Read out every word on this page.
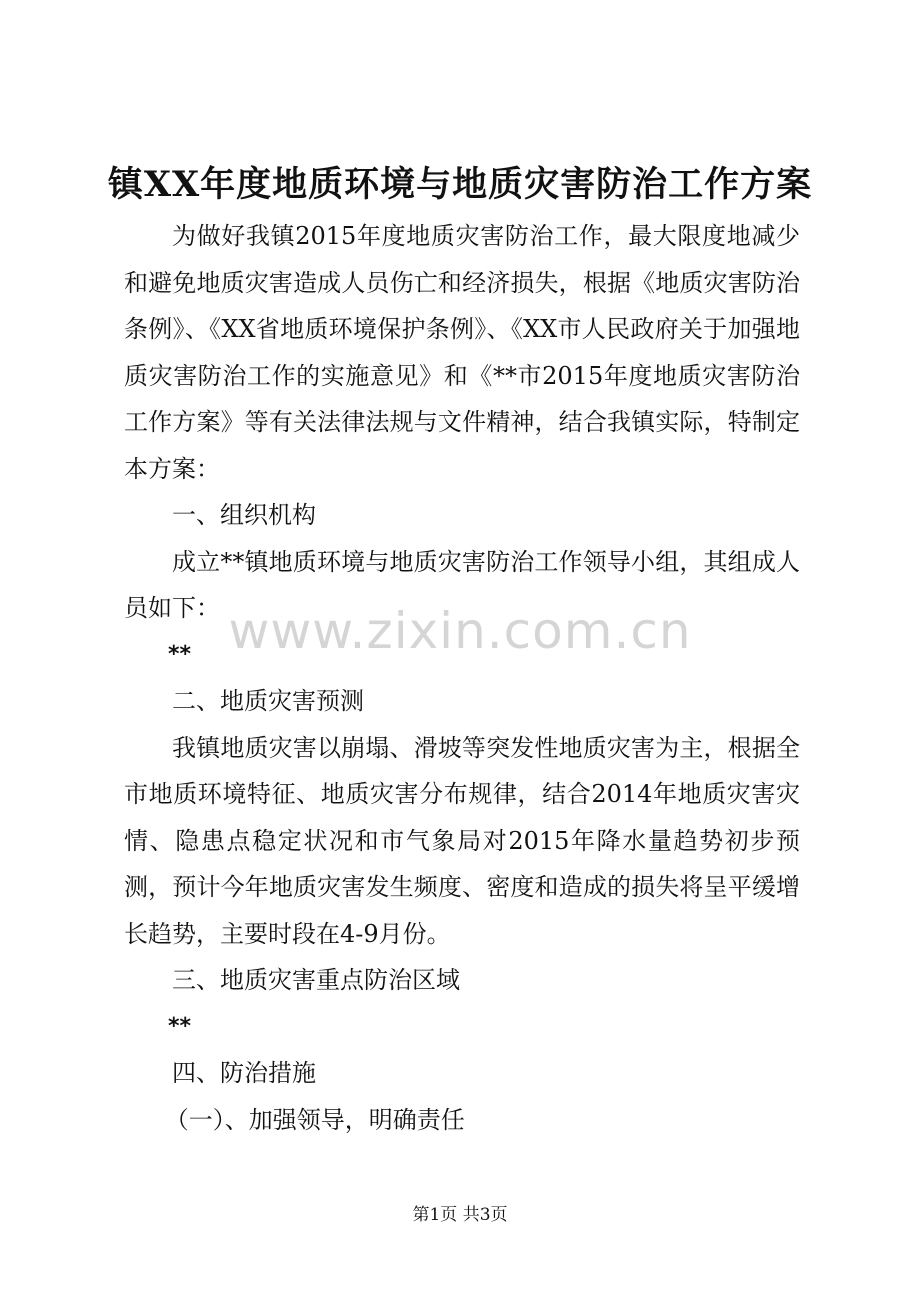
镇XX年度地质环境与地质灾害防治工作方案

为做好我镇2015年度地质灾害防治工作，最大限度地减少和避免地质灾害造成人员伤亡和经济损失，根据《地质灾害防治条例》、《XX省地质环境保护条例》、《XX市人民政府关于加强地质灾害防治工作的实施意见》和《**市2015年度地质灾害防治工作方案》等有关法律法规与文件精神，结合我镇实际，特制定本方案：

一、组织机构

成立**镇地质环境与地质灾害防治工作领导小组，其组成人员如下：

**

二、地质灾害预测

我镇地质灾害以崩塌、滑坡等突发性地质灾害为主，根据全市地质环境特征、地质灾害分布规律，结合2014年地质灾害灾情、隐患点稳定状况和市气象局对2015年降水量趋势初步预测，预计今年地质灾害发生频度、密度和造成的损失将呈平缓增长趋势，主要时段在4-9月份。

三、地质灾害重点防治区域

**

四、防治措施

（一）、加强领导，明确责任

www.zixin.com.cn
第1页 共3页
